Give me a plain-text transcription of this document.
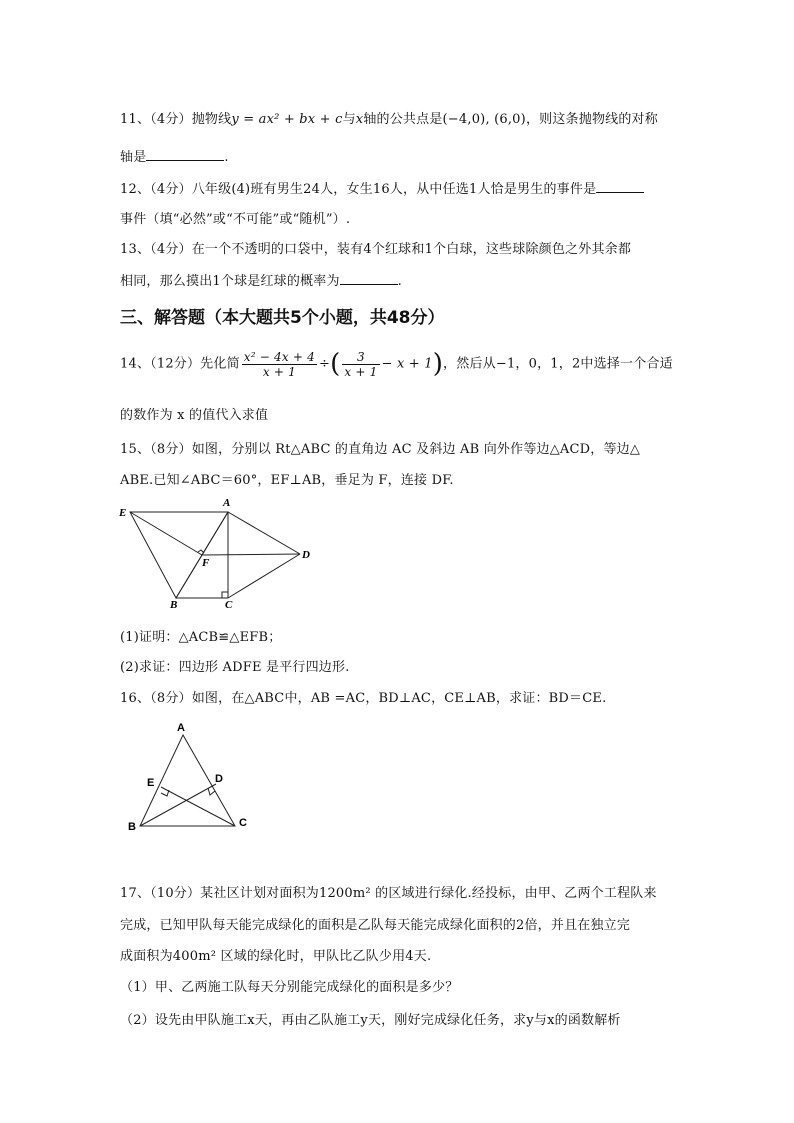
11、（4分）抛物线y = ax² + bx + c与x轴的公共点是(−4,0), (6,0)，则这条抛物线的对称
轴是	.
12、（4分）八年级(4)班有男生24人，女生16人，从中任选1人恰是男生的事件是
事件（填“必然”或“不可能”或“随机”）.
13、（4分）在一个不透明的口袋中，装有4个红球和1个白球，这些球除颜色之外其余都
相同，那么摸出1个球是红球的概率为	.
三、解答题（本大题共5个小题，共48分）
14、（12分）先化简 $\frac{\text{x² − 4x + 4}}{x + 1}$ ÷( $\frac{3}{x + 1} - x + 1$)，然后从−1，0，1，2中选择一个合适
的数作为 x 的值代入求值
15、（8分）如图，分别以 Rt△ABC 的直角边 AC 及斜边 AB 向外作等边△ACD，等边△
ABE.已知∠ABC＝60°，EF⊥AB，垂足为 F，连接 DF.
E
A
D
F
B	C
(1)证明：△ACB≌△EFB；
(2)求证：四边形 ADFE 是平行四边形.
16、（8分）如图，在△ABC中，AB =AC，BD⊥AC，CE⊥AB，求证：BD＝CE.
A
E	D
B	C
17、（10分）某社区计划对面积为1200m² 的区域进行绿化.经投标，由甲、乙两个工程队来
完成，已知甲队每天能完成绿化的面积是乙队每天能完成绿化面积的2倍，并且在独立完
成面积为400m² 区域的绿化时，甲队比乙队少用4天.
（1）甲、乙两施工队每天分别能完成绿化的面积是多少？
（2）设先由甲队施工x天，再由乙队施工y天，刚好完成绿化任务，求y与x的函数解析
